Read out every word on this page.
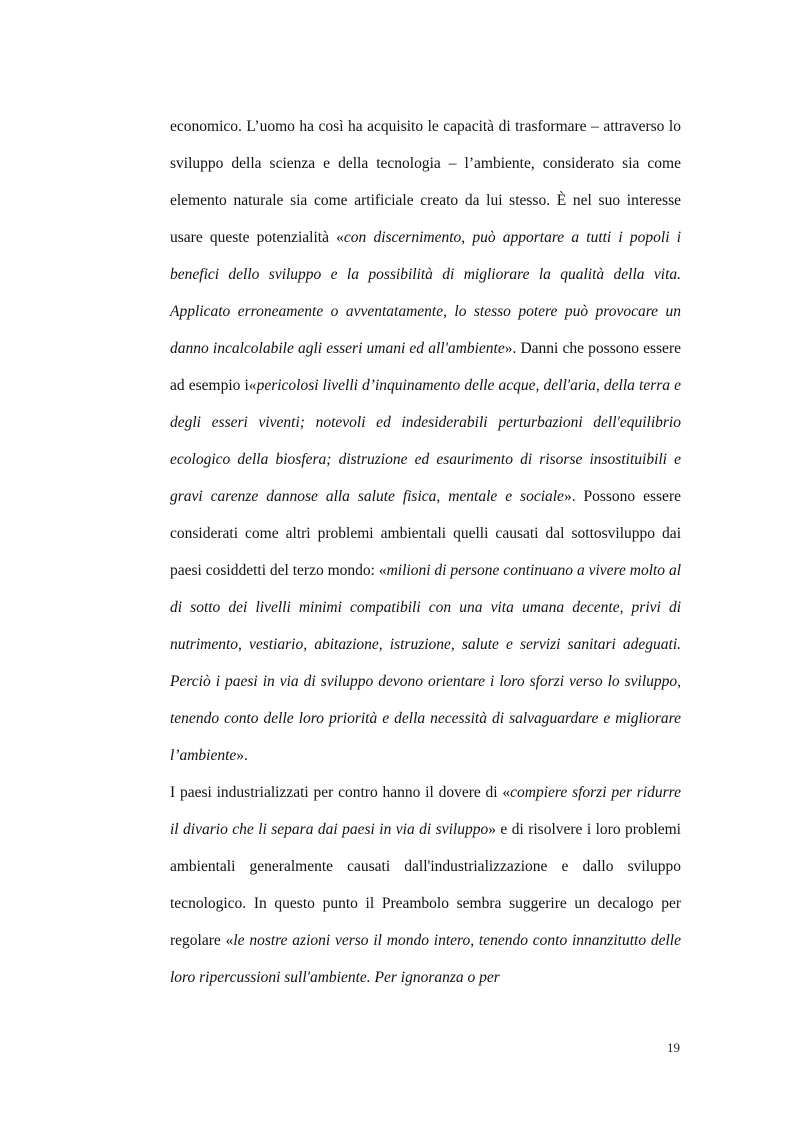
economico. L’uomo ha così ha acquisito le capacità di trasformare – attraverso lo sviluppo della scienza e della tecnologia – l’ambiente, considerato sia come elemento naturale sia come artificiale creato da lui stesso. È nel suo interesse usare queste potenzialità «con discernimento, può apportare a tutti i popoli i benefici dello sviluppo e la possibilità di migliorare la qualità della vita. Applicato erroneamente o avventatamente, lo stesso potere può provocare un danno incalcolabile agli esseri umani ed all'ambiente». Danni che possono essere ad esempio i«pericolosi livelli d’inquinamento delle acque, dell'aria, della terra e degli esseri viventi; notevoli ed indesiderabili perturbazioni dell'equilibrio ecologico della biosfera; distruzione ed esaurimento di risorse insostituibili e gravi carenze dannose alla salute fisica, mentale e sociale». Possono essere considerati come altri problemi ambientali quelli causati dal sottosviluppo dai paesi cosiddetti del terzo mondo: «milioni di persone continuano a vivere molto al di sotto dei livelli minimi compatibili con una vita umana decente, privi di nutrimento, vestiario, abitazione, istruzione, salute e servizi sanitari adeguati. Perciò i paesi in via di sviluppo devono orientare i loro sforzi verso lo sviluppo, tenendo conto delle loro priorità e della necessità di salvaguardare e migliorare l’ambiente».

I paesi industrializzati per contro hanno il dovere di «compiere sforzi per ridurre il divario che li separa dai paesi in via di sviluppo» e di risolvere i loro problemi ambientali generalmente causati dall'industrializzazione e dallo sviluppo tecnologico. In questo punto il Preambolo sembra suggerire un decalogo per regolare «le nostre azioni verso il mondo intero, tenendo conto innanzitutto delle loro ripercussioni sull'ambiente. Per ignoranza o per

19
